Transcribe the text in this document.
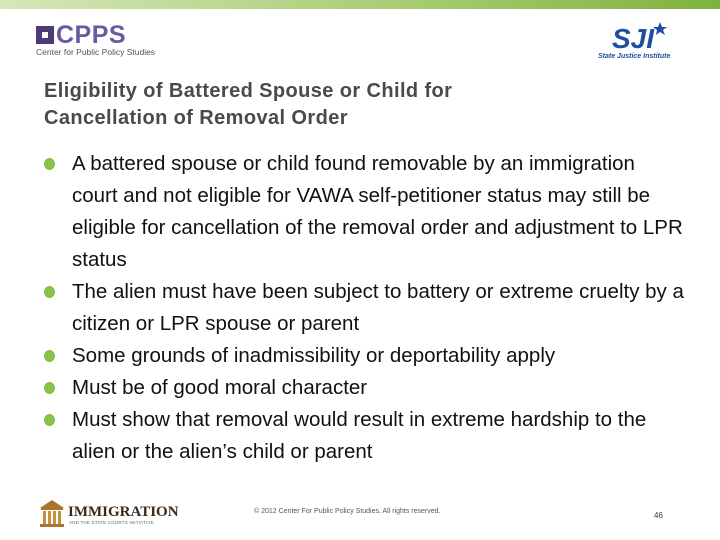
CPPS
Center for Public Policy Studies	SJI
State Justice Institute
Eligibility of Battered Spouse or Child for
Cancellation of Removal Order
A battered spouse or child found removable by an immigration court and not eligible for VAWA self-petitioner status may still be eligible for cancellation of the removal order and adjustment to LPR status
The alien must have been subject to battery or extreme cruelty by a citizen or LPR spouse or parent
Some grounds of inadmissibility or deportability apply
Must be of good moral character
Must show that removal would result in extreme hardship to the alien or the alien’s child or parent
IMMIGRATION
AND THE STATE COURTS INITIATIVE
© 2012 Center For Public Policy Studies. All rights reserved.	46
